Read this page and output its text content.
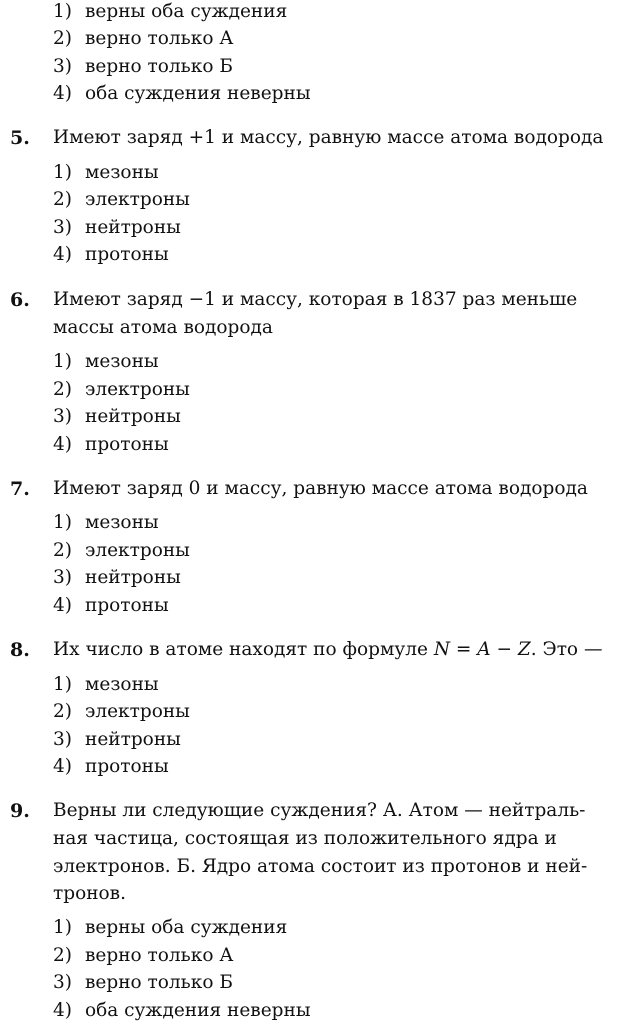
1) верны оба суждения
2) верно только А
3) верно только Б
4) оба суждения неверны
5. Имеют заряд +1 и массу, равную массе атома водорода
1) мезоны
2) электроны
3) нейтроны
4) протоны
6. Имеют заряд −1 и массу, которая в 1837 раз меньше
массы атома водорода
1) мезоны
2) электроны
3) нейтроны
4) протоны
7. Имеют заряд 0 и массу, равную массе атома водорода
1) мезоны
2) электроны
3) нейтроны
4) протоны
8. Их число в атоме находят по формуле N = A − Z. Это —
1) мезоны
2) электроны
3) нейтроны
4) протоны
9. Верны ли следующие суждения? А. Атом — нейтраль-
ная частица, состоящая из положительного ядра и
электронов. Б. Ядро атома состоит из протонов и ней-
тронов.
1) верны оба суждения
2) верно только А
3) верно только Б
4) оба суждения неверны
